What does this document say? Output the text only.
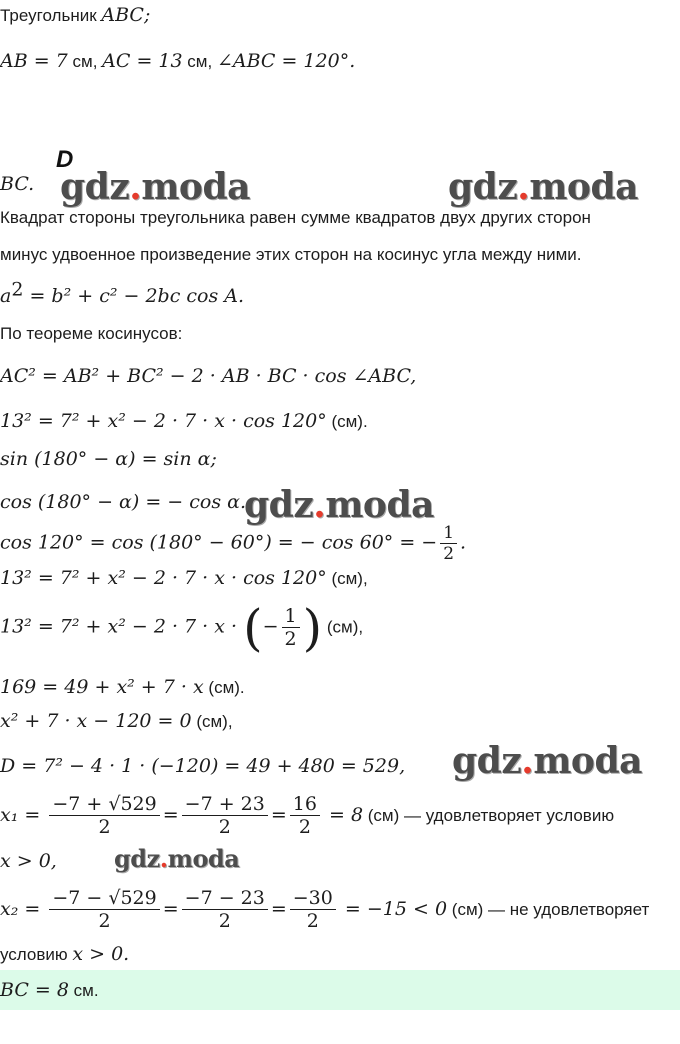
Треугольник ABC;
AB = 7 см, AC = 13 см, ∠ABC = 120°.
D
BC.
Квадрат стороны треугольника равен сумме квадратов двух других сторон
минус удвоенное произведение этих сторон на косинус угла между ними.
$a^2 = b^2 + c^2 - 2bc$ cos A.
По теореме косинусов:
AC² = AB² + BC² − 2 · AB · BC · cos ∠ABC,
13² = 7² + x² − 2 · 7 · x · cos 120° (см).
sin (180° − α) = sin α;
cos (180° − α) = − cos α.
cos 120° = cos (180° − 60°) = − cos 60° = − $\frac{1}{2}$ .
13² = 7² + x² − 2 · 7 · x · cos 120° (см),
13² = 7² + x² − 2 · 7 · x · (− $\frac{1}{2}$ ) (см),
169 = 49 + x² + 7 · x (см).
x² + 7 · x − 120 = 0 (см),
D = 7² − 4 · 1 · (−120) = 49 + 480 = 529,
$x_1 = \frac{-7 + √529}{2} = \frac{-7 + 23}{2} = \frac{16}{2} = 8$ (см) — удовлетворяет условию
x > 0,
$x_2 = \frac{-7 - √529}{2} = \frac{-7 - 23}{2} = \frac{-30}{2} = -15 < 0$ (см) — не удовлетворяет
условию x > 0.
BC = 8 см.
gdz.moda	gdz.moda
gdz.moda
gdz.moda
gdz.moda
